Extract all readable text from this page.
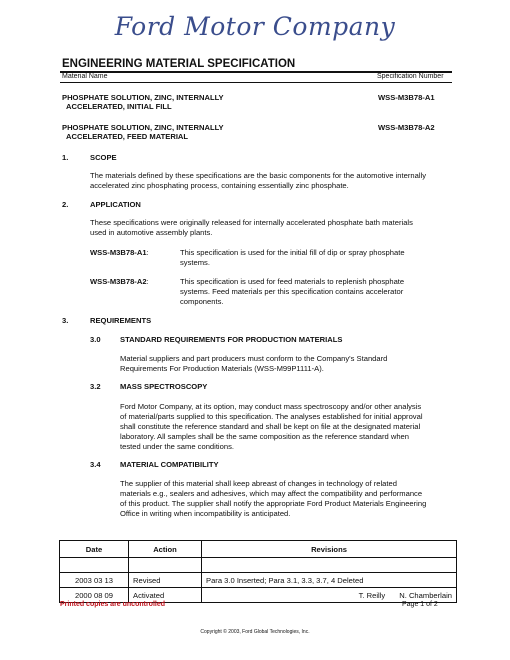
Ford Motor Company
ENGINEERING MATERIAL SPECIFICATION
Material Name	Specification Number
PHOSPHATE SOLUTION, ZINC, INTERNALLY
ACCELERATED, INITIAL FILL
WSS-M3B78-A1
PHOSPHATE SOLUTION, ZINC, INTERNALLY
ACCELERATED, FEED MATERIAL
WSS-M3B78-A2
1.	SCOPE
The materials defined by these specifications are the basic components for the automotive internally
accelerated zinc phosphating process, containing essentially zinc phosphate.
2.	APPLICATION
These specifications were originally released for internally accelerated phosphate bath materials
used in automotive assembly plants.
WSS-M3B78-A1:	This specification is used for the initial fill of dip or spray phosphate
systems.
WSS-M3B78-A2:	This specification is used for feed materials to replenish phosphate
systems. Feed materials per this specification contains accelerator
components.
3.	REQUIREMENTS
3.0	STANDARD REQUIREMENTS FOR PRODUCTION MATERIALS
Material suppliers and part producers must conform to the Company's Standard
Requirements For Production Materials (WSS-M99P1111-A).
3.2	MASS SPECTROSCOPY
Ford Motor Company, at its option, may conduct mass spectroscopy and/or other analysis
of material/parts supplied to this specification. The analyses established for initial approval
shall constitute the reference standard and shall be kept on file at the designated material
laboratory. All samples shall be the same composition as the reference standard when
tested under the same conditions.
3.4	MATERIAL COMPATIBILITY
The supplier of this material shall keep abreast of changes in technology of related
materials e.g., sealers and adhesives, which may affect the compatibility and performance
of this product. The supplier shall notify the appropriate Ford Product Materials Engineering
Office in writing when incompatibility is anticipated.
Date	Action	Revisions

2003 03 13	Revised	Para 3.0 Inserted; Para 3.1, 3.3, 3.7, 4 Deleted
2000 08 09	Activated	T. Reilly N. Chamberlain
Printed copies are uncontrolled	Page 1 of 2
Copyright © 2003, Ford Global Technologies, Inc.
